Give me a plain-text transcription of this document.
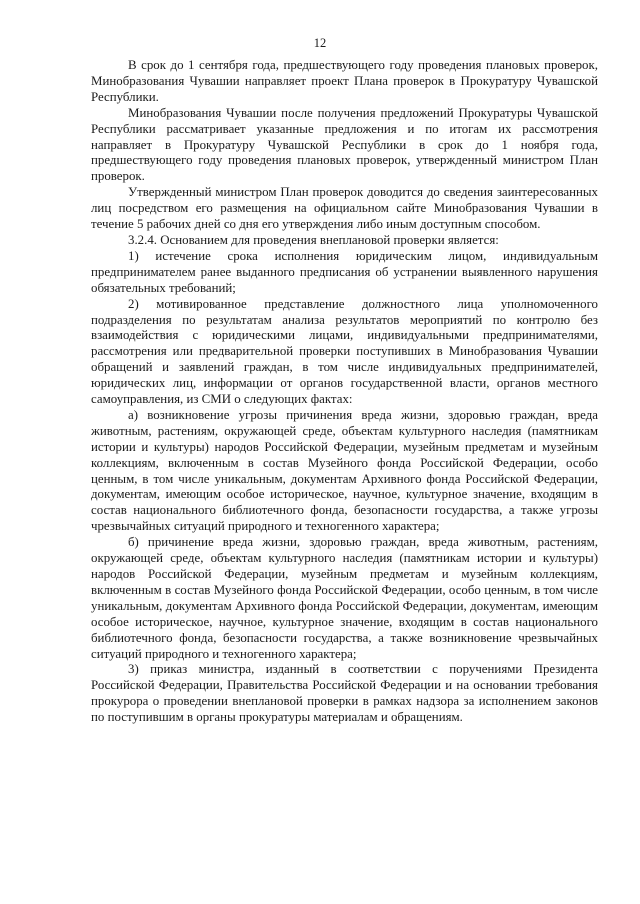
12

В срок до 1 сентября года, предшествующего году проведения плановых проверок, Минобразования Чувашии направляет проект Плана проверок в Прокуратуру Чувашской Республики.

Минобразования Чувашии после получения предложений Прокуратуры Чувашской Республики рассматривает указанные предложения и по итогам их рассмотрения направляет в Прокуратуру Чувашской Республики в срок до 1 ноября года, предшествующего году проведения плановых проверок, утвержденный министром План проверок.

Утвержденный министром План проверок доводится до сведения заинтересованных лиц посредством его размещения на официальном сайте Минобразования Чувашии в течение 5 рабочих дней со дня его утверждения либо иным доступным способом.

3.2.4. Основанием для проведения внеплановой проверки является:

1) истечение срока исполнения юридическим лицом, индивидуальным предпринимателем ранее выданного предписания об устранении выявленного нарушения обязательных требований;

2) мотивированное представление должностного лица уполномоченного подразделения по результатам анализа результатов мероприятий по контролю без взаимодействия с юридическими лицами, индивидуальными предпринимателями, рассмотрения или предварительной проверки поступивших в Минобразования Чувашии обращений и заявлений граждан, в том числе индивидуальных предпринимателей, юридических лиц, информации от органов государственной власти, органов местного самоуправления, из СМИ о следующих фактах:

а) возникновение угрозы причинения вреда жизни, здоровью граждан, вреда животным, растениям, окружающей среде, объектам культурного наследия (памятникам истории и культуры) народов Российской Федерации, музейным предметам и музейным коллекциям, включенным в состав Музейного фонда Российской Федерации, особо ценным, в том числе уникальным, документам Архивного фонда Российской Федерации, документам, имеющим особое историческое, научное, культурное значение, входящим в состав национального библиотечного фонда, безопасности государства, а также угрозы чрезвычайных ситуаций природного и техногенного характера;

б) причинение вреда жизни, здоровью граждан, вреда животным, растениям, окружающей среде, объектам культурного наследия (памятникам истории и культуры) народов Российской Федерации, музейным предметам и музейным коллекциям, включенным в состав Музейного фонда Российской Федерации, особо ценным, в том числе уникальным, документам Архивного фонда Российской Федерации, документам, имеющим особое историческое, научное, культурное значение, входящим в состав национального библиотечного фонда, безопасности государства, а также возникновение чрезвычайных ситуаций природного и техногенного характера;

3) приказ министра, изданный в соответствии с поручениями Президента Российской Федерации, Правительства Российской Федерации и на основании требования прокурора о проведении внеплановой проверки в рамках надзора за исполнением законов по поступившим в органы прокуратуры материалам и обращениям.
